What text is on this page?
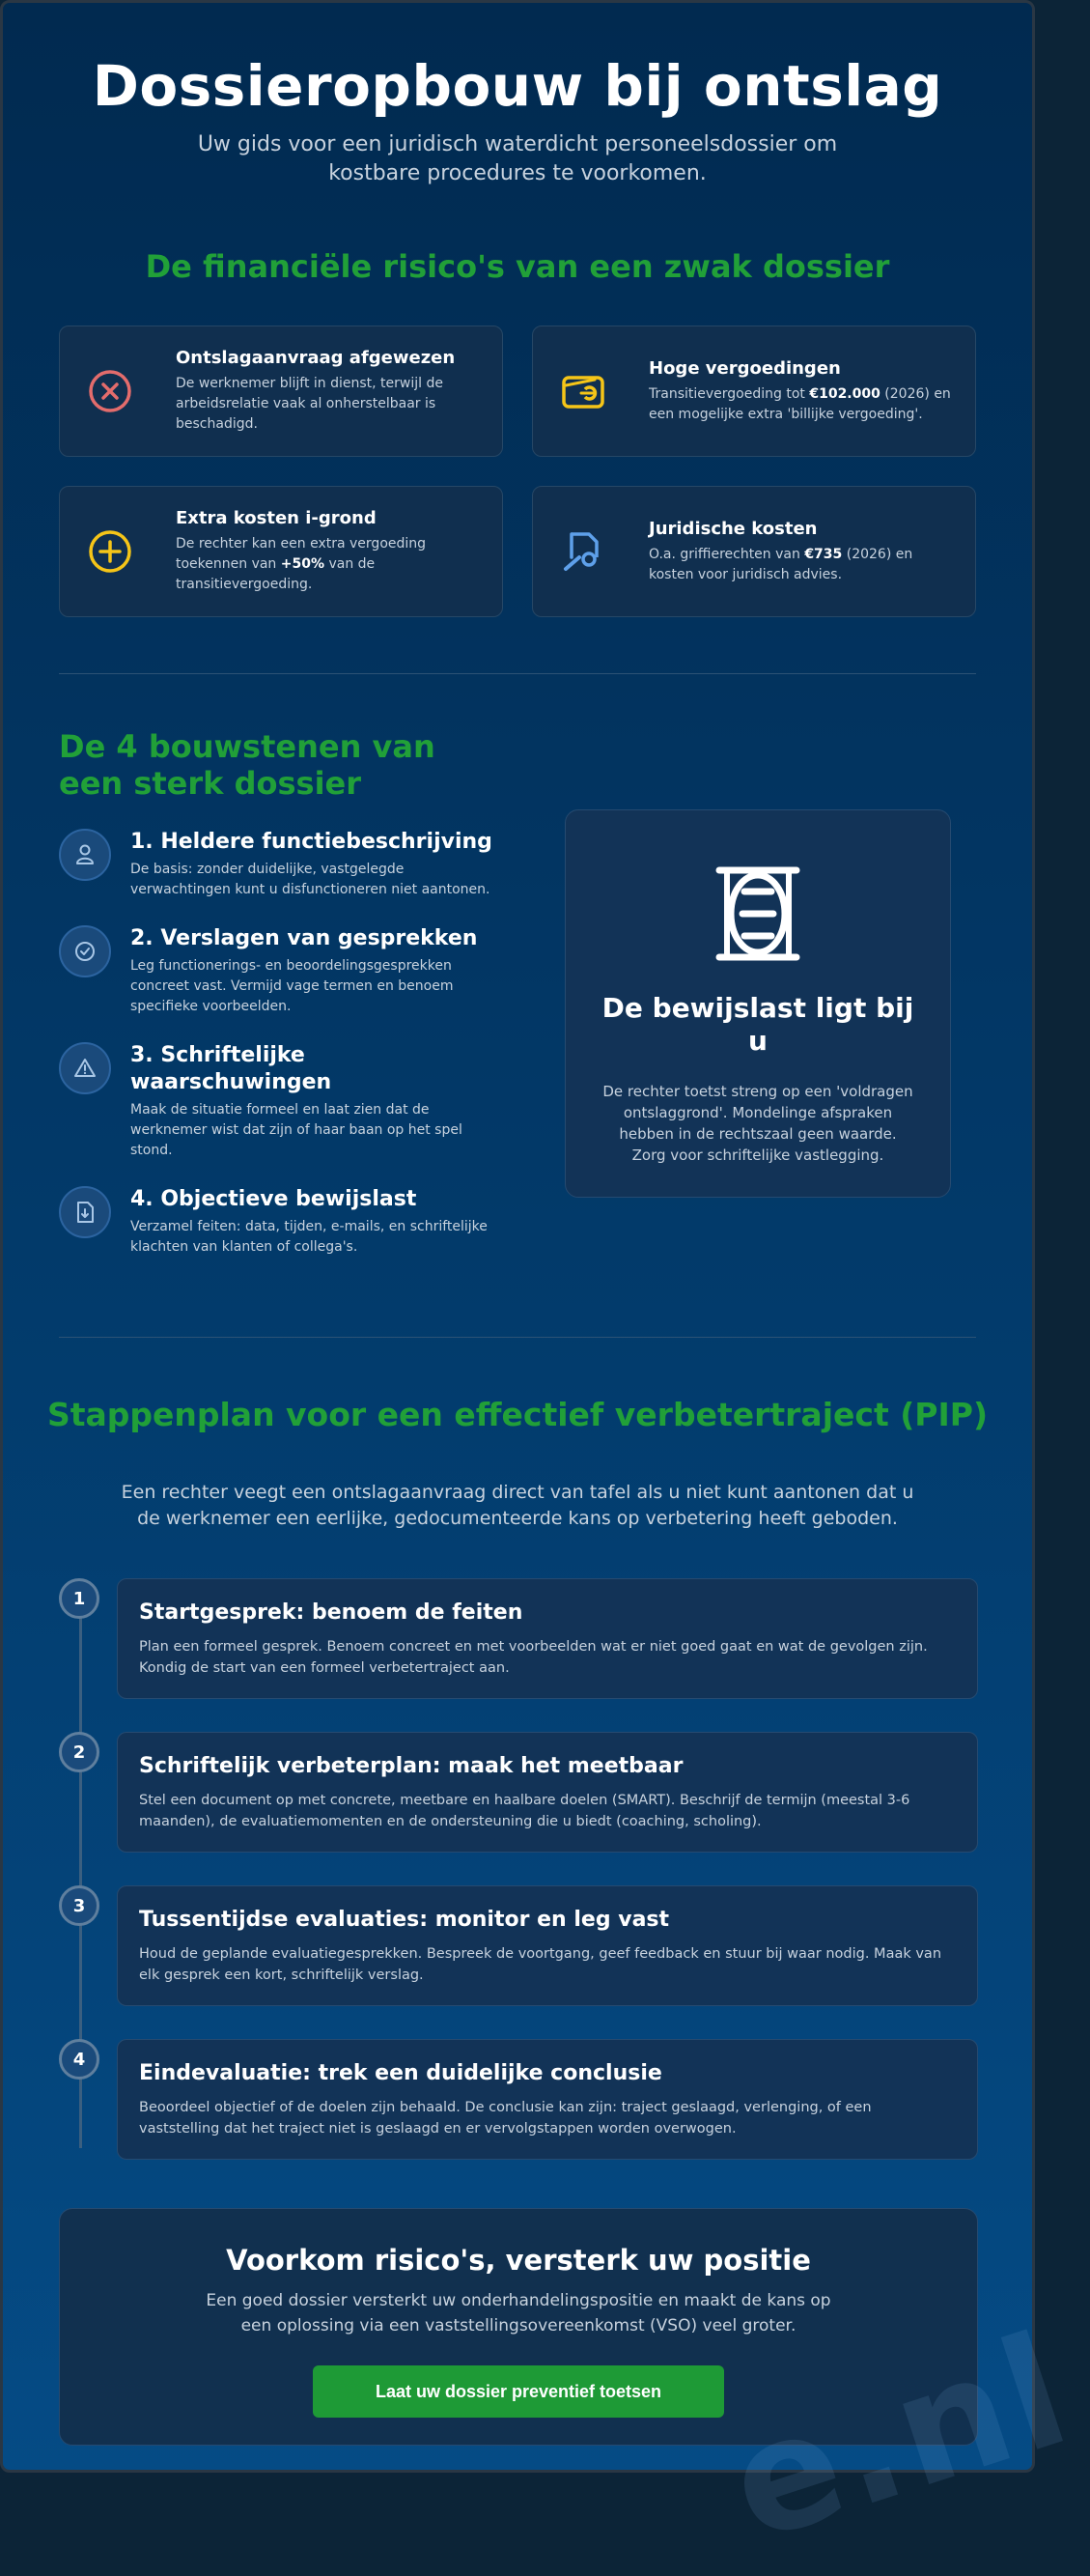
Dossieropbouw bij ontslag

Uw gids voor een juridisch waterdicht personeelsdossier om kostbare procedures te voorkomen.

De financiële risico's van een zwak dossier
Ontslagaanvraag afgewezen

De werknemer blijft in dienst, terwijl de arbeidsrelatie vaak al onherstelbaar is beschadigd.

Hoge vergoedingen

Transitievergoeding tot €102.000 (2026) en een mogelijke extra 'billijke vergoeding'.

Extra kosten i-grond

De rechter kan een extra vergoeding toekennen van +50% van de transitievergoeding.

Juridische kosten

O.a. griffierechten van €735 (2026) en kosten voor juridisch advies.

De 4 bouwstenen van een sterk dossier
1. Heldere functiebeschrijving

De basis: zonder duidelijke, vastgelegde verwachtingen kunt u disfunctioneren niet aantonen.

2. Verslagen van gesprekken

Leg functionerings- en beoordelingsgesprekken concreet vast. Vermijd vage termen en benoem specifieke voorbeelden.

3. Schriftelijke waarschuwingen

Maak de situatie formeel en laat zien dat de werknemer wist dat zijn of haar baan op het spel stond.

4. Objectieve bewijslast

Verzamel feiten: data, tijden, e-mails, en schriftelijke klachten van klanten of collega's.

De bewijslast ligt bij u

De rechter toetst streng op een 'voldragen ontslaggrond'. Mondelinge afspraken hebben in de rechtszaal geen waarde. Zorg voor schriftelijke vastlegging.

Stappenplan voor een effectief verbetertraject (PIP)

Een rechter veegt een ontslagaanvraag direct van tafel als u niet kunt aantonen dat u de werknemer een eerlijke, gedocumenteerde kans op verbetering heeft geboden.

1
Startgesprek: benoem de feiten

Plan een formeel gesprek. Benoem concreet en met voorbeelden wat er niet goed gaat en wat de gevolgen zijn. Kondig de start van een formeel verbetertraject aan.

2
Schriftelijk verbeterplan: maak het meetbaar

Stel een document op met concrete, meetbare en haalbare doelen (SMART). Beschrijf de termijn (meestal 3-6 maanden), de evaluatiemomenten en de ondersteuning die u biedt (coaching, scholing).

3
Tussentijdse evaluaties: monitor en leg vast

Houd de geplande evaluatiegesprekken. Bespreek de voortgang, geef feedback en stuur bij waar nodig. Maak van elk gesprek een kort, schriftelijk verslag.

4
Eindevaluatie: trek een duidelijke conclusie

Beoordeel objectief of de doelen zijn behaald. De conclusie kan zijn: traject geslaagd, verlenging, of een vaststelling dat het traject niet is geslaagd en er vervolgstappen worden overwogen.

Voorkom risico's, versterk uw positie

Een goed dossier versterkt uw onderhandelingspositie en maakt de kans op een oplossing via een vaststellingsovereenkomst (VSO) veel groter.

Laat uw dossier preventief toetsen
